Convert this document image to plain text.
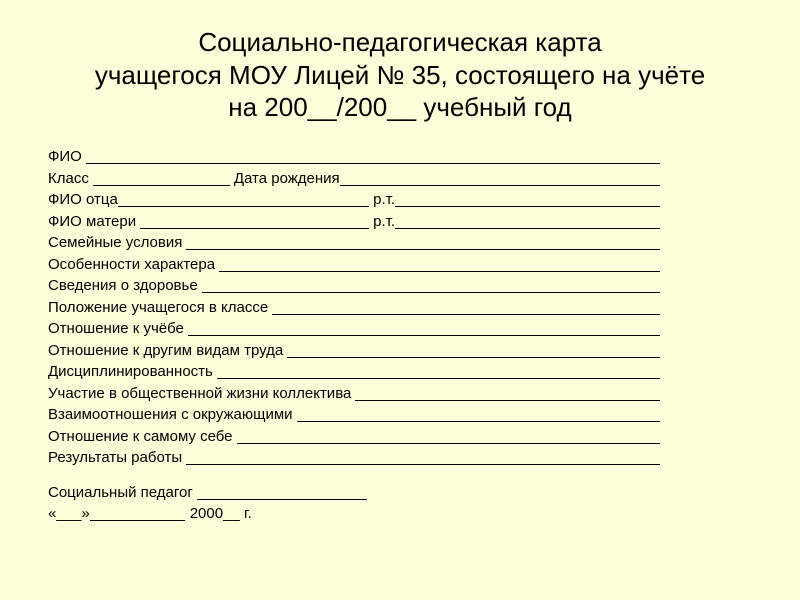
Социально-педагогическая карта
учащегося МОУ Лицей № 35, состоящего на учёте
на 200__/200__ учебный год
ФИО
Класс	Дата рождения
ФИО отца	р.т.
ФИО матери	р.т.
Семейные условия
Особенности характера
Сведения о здоровье
Положение учащегося в классе
Отношение к учёбе
Отношение к другим видам труда
Дисциплинированность
Участие в общественной жизни коллектива
Взаимоотношения с окружающими
Отношение к самому себе
Результаты работы
Социальный педагог
«___»	2000__ г.
